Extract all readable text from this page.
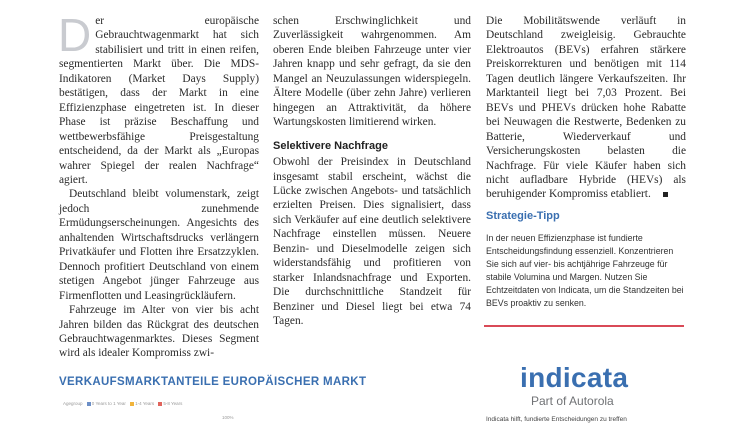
Der europäische Gebrauchtwagenmarkt hat sich stabilisiert und tritt in einen reifen, segmentierten Markt über. Die MDS-Indikatoren (Market Days Supply) bestätigen, dass der Markt in eine Effizienzphase eingetreten ist. In dieser Phase ist präzise Beschaffung und wettbewerbsfähige Preisgestaltung entscheidend, da der Markt als „Europas wahrer Spiegel der realen Nachfrage“ agiert.

Deutschland bleibt volumenstark, zeigt jedoch zunehmende Ermüdungserscheinungen. Angesichts des anhaltenden Wirtschaftsdrucks verlängern Privatkäufer und Flotten ihre Ersatzzyklen. Dennoch profitiert Deutschland von einem stetigen Angebot jünger Fahrzeuge aus Firmenflotten und Leasingrückläufern.

Fahrzeuge im Alter von vier bis acht Jahren bilden das Rückgrat des deutschen Gebrauchtwagenmarktes. Dieses Segment wird als idealer Kompromiss zwi-

schen Erschwinglichkeit und Zuverlässigkeit wahrgenommen. Am oberen Ende bleiben Fahrzeuge unter vier Jahren knapp und sehr gefragt, da sie den Mangel an Neuzulassungen widerspiegeln. Ältere Modelle (über zehn Jahre) verlieren hingegen an Attraktivität, da höhere Wartungskosten limitierend wirken.

Selektivere Nachfrage

Obwohl der Preisindex in Deutschland insgesamt stabil erscheint, wächst die Lücke zwischen Angebots- und tatsächlich erzielten Preisen. Dies signalisiert, dass sich Verkäufer auf eine deutlich selektivere Nachfrage einstellen müssen. Neuere Benzin- und Dieselmodelle zeigen sich widerstandsfähig und profitieren von starker Inlandsnachfrage und Exporten. Die durchschnittliche Standzeit für Benziner und Diesel liegt bei etwa 74 Tagen.

Die Mobilitätswende verläuft in Deutschland zweigleisig. Gebrauchte Elektroautos (BEVs) erfahren stärkere Preiskorrekturen und benötigen mit 114 Tagen deutlich längere Verkaufszeiten. Ihr Marktanteil liegt bei 7,03 Prozent. Bei BEVs und PHEVs drücken hohe Rabatte bei Neuwagen die Restwerte, Bedenken zu Batterie, Wiederverkauf und Versicherungskosten belasten die Nachfrage. Für viele Käufer haben sich nicht aufladbare Hybride (HEVs) als beruhigender Kompromiss etabliert.

Strategie-Tipp
In der neuen Effizienzphase ist fundierte Entscheidungsfindung essenziell. Konzentrieren Sie sich auf vier- bis achtjährige Fahrzeuge für stabile Volumina und Margen. Nutzen Sie Echtzeitdaten von Indicata, um die Standzeiten bei BEVs proaktiv zu senken.
VERKAUFSMARKTANTEILE EUROPÄISCHER MARKT
Agegroup 0 Years to 1 Year 1-4 Years 5-8 Years
100%
indicata
Part of Autorola
Indicata hilft, fundierte Entscheidungen zu treffen
